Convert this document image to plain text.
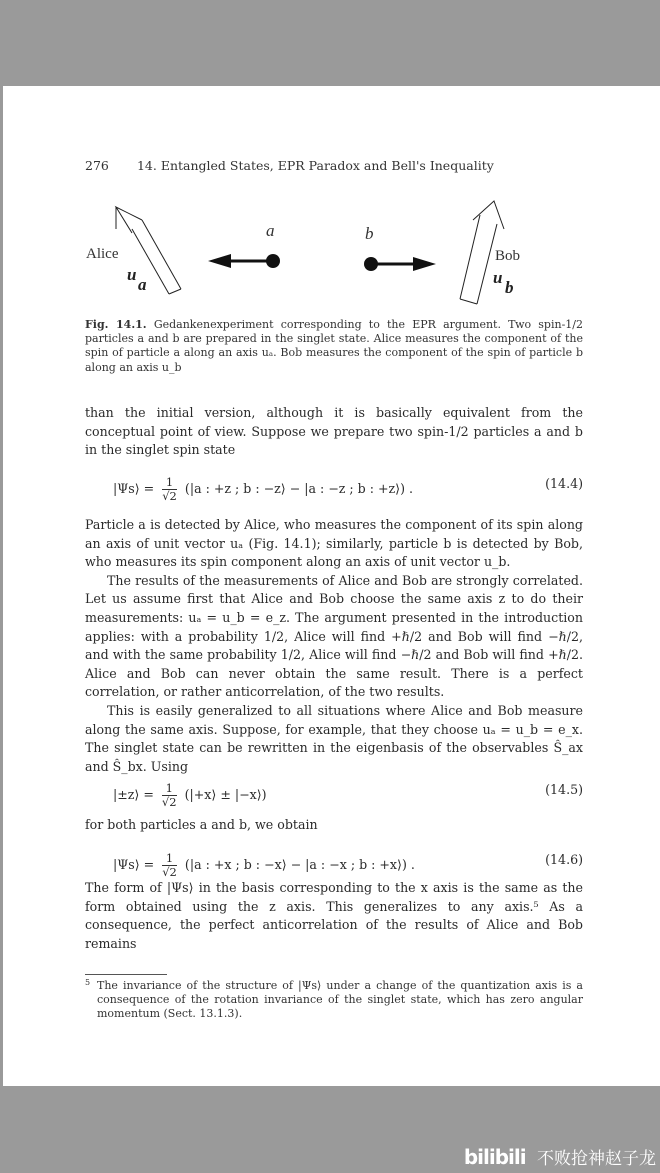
276 14. Entangled States, EPR Paradox and Bell's Inequality
Alice
u
a
a	b
Bob
u
b
Fig. 14.1. Gedankenexperiment corresponding to the EPR argument. Two spin-1/2 particles a and b are prepared in the singlet state. Alice measures the component of the spin of particle a along an axis uₐ. Bob measures the component of the spin of particle b along an axis u_b
than the initial version, although it is basically equivalent from the conceptual point of view. Suppose we prepare two spin-1/2 particles a and b in the singlet spin state
|Ψs⟩ = $\frac{1}{√2} (|a$ : +z ; b : −z⟩ − |a : −z ; b : +z⟩) .	(14.4)
Particle a is detected by Alice, who measures the component of its spin along an axis of unit vector uₐ (Fig. 14.1); similarly, particle b is detected by Bob, who measures its spin component along an axis of unit vector u_b.
The results of the measurements of Alice and Bob are strongly correlated. Let us assume first that Alice and Bob choose the same axis z to do their measurements: uₐ = u_b = e_z. The argument presented in the introduction applies: with a probability 1/2, Alice will find +ℏ/2 and Bob will find −ℏ/2, and with the same probability 1/2, Alice will find −ℏ/2 and Bob will find +ℏ/2. Alice and Bob can never obtain the same result. There is a perfect correlation, or rather anticorrelation, of the two results.
This is easily generalized to all situations where Alice and Bob measure along the same axis. Suppose, for example, that they choose uₐ = u_b = e_x. The singlet state can be rewritten in the eigenbasis of the observables Ŝ_ax and Ŝ_bx. Using
|±z⟩ = $\frac{1}{√2}$ (|+x⟩ ± |−x⟩)	(14.5)
for both particles a and b, we obtain
|Ψs⟩ = $\frac{1}{√2} (|a$ : +x ; b : −x⟩ − |a : −x ; b : +x⟩) .	(14.6)
The form of |Ψs⟩ in the basis corresponding to the x axis is the same as the form obtained using the z axis. This generalizes to any axis.⁵ As a consequence, the perfect anticorrelation of the results of Alice and Bob remains
5 The invariance of the structure of |Ψs⟩ under a change of the quantization axis is a consequence of the rotation invariance of the singlet state, which has zero angular momentum (Sect. 13.1.3).
bilibili 不败抢神赵子龙
